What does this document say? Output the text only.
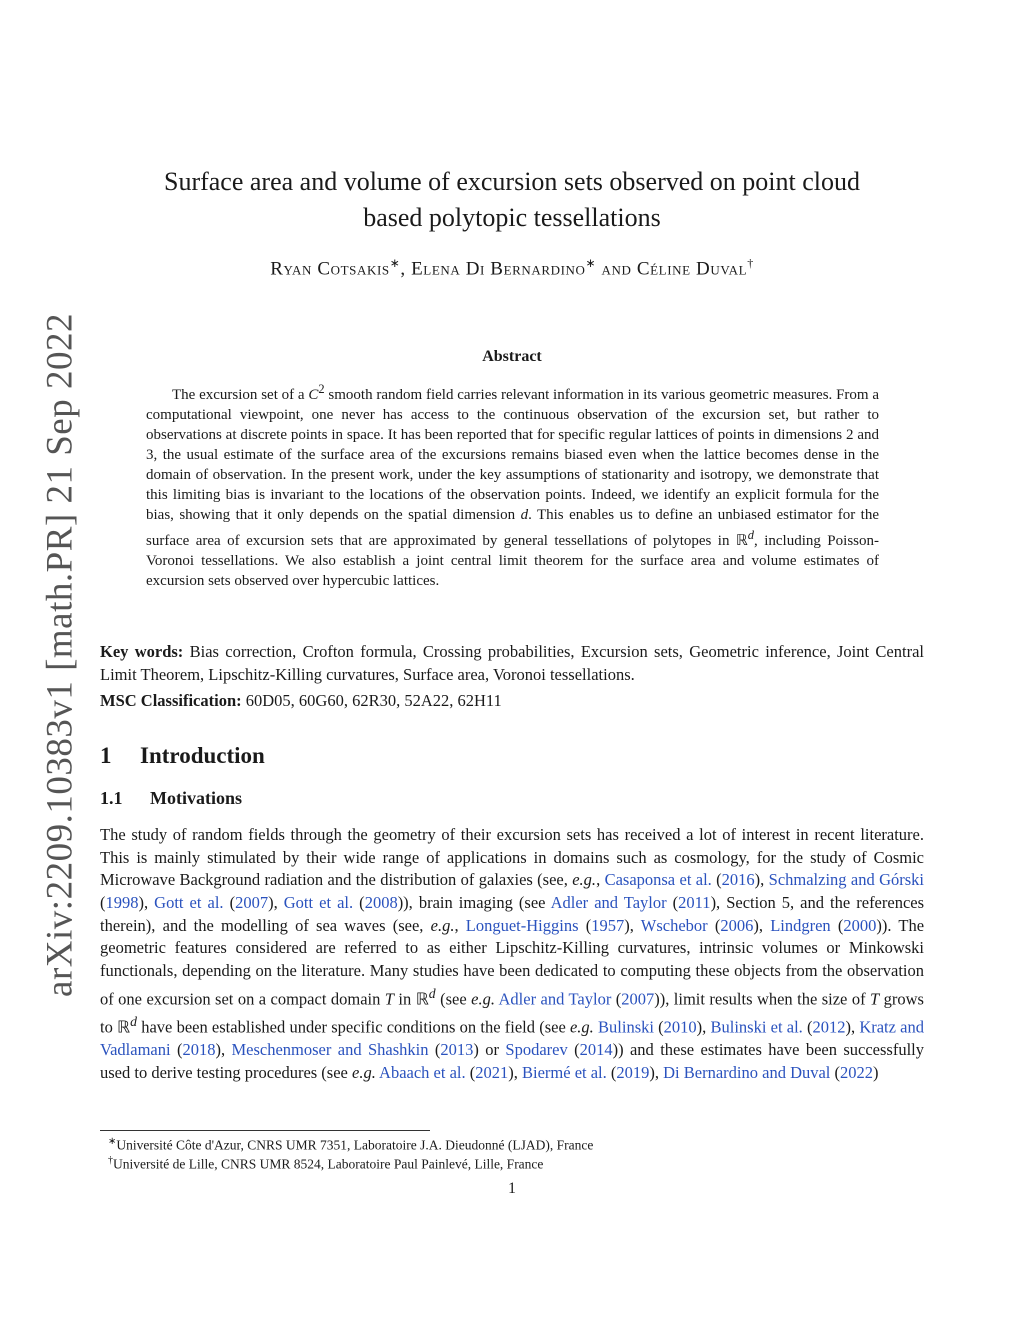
arXiv:2209.10383v1 [math.PR] 21 Sep 2022
Surface area and volume of excursion sets observed on point cloud
based polytopic tessellations
Ryan Cotsakis∗, Elena Di Bernardino∗ and Céline Duval†
Abstract

The excursion set of a $C^2$ smooth random field carries relevant information in its various geometric measures. From a computational viewpoint, one never has access to the continuous observation of the excursion set, but rather to observations at discrete points in space. It has been reported that for specific regular lattices of points in dimensions 2 and 3, the usual estimate of the surface area of the excursions remains biased even when the lattice becomes dense in the domain of observation. In the present work, under the key assumptions of stationarity and isotropy, we demonstrate that this limiting bias is invariant to the locations of the observation points. Indeed, we identify an explicit formula for the bias, showing that it only depends on the spatial dimension d. This enables us to define an unbiased estimator for the surface area of excursion sets that are approximated by general tessellations of polytopes in ℝ$^d$, including Poisson-Voronoi tessellations. We also establish a joint central limit theorem for the surface area and volume estimates of excursion sets observed over hypercubic lattices.

Key words: Bias correction, Crofton formula, Crossing probabilities, Excursion sets, Geometric inference, Joint Central Limit Theorem, Lipschitz-Killing curvatures, Surface area, Voronoi tessellations.

MSC Classification: 60D05, 60G60, 62R30, 52A22, 62H11

1 Introduction
1.1 Motivations

The study of random fields through the geometry of their excursion sets has received a lot of interest in recent literature. This is mainly stimulated by their wide range of applications in domains such as cosmology, for the study of Cosmic Microwave Background radiation and the distribution of galaxies (see, e.g., Casaponsa et al. (2016), Schmalzing and Górski (1998), Gott et al. (2007), Gott et al. (2008)), brain imaging (see Adler and Taylor (2011), Section 5, and the references therein), and the modelling of sea waves (see, e.g., Longuet-Higgins (1957), Wschebor (2006), Lindgren (2000)). The geometric features considered are referred to as either Lipschitz-Killing curvatures, intrinsic volumes or Minkowski functionals, depending on the literature. Many studies have been dedicated to computing these objects from the observation of one excursion set on a compact domain T in ℝ$^d$ (see e.g. Adler and Taylor (2007)), limit results when the size of T grows to ℝ$^d$ have been established under specific conditions on the field (see e.g. Bulinski (2010), Bulinski et al. (2012), Kratz and Vadlamani (2018), Meschenmoser and Shashkin (2013) or Spodarev (2014)) and these estimates have been successfully used to derive testing procedures (see e.g. Abaach et al. (2021), Biermé et al. (2019), Di Bernardino and Duval (2022)

∗Université Côte d'Azur, CNRS UMR 7351, Laboratoire J.A. Dieudonné (LJAD), France
†Université de Lille, CNRS UMR 8524, Laboratoire Paul Painlevé, Lille, France
1
